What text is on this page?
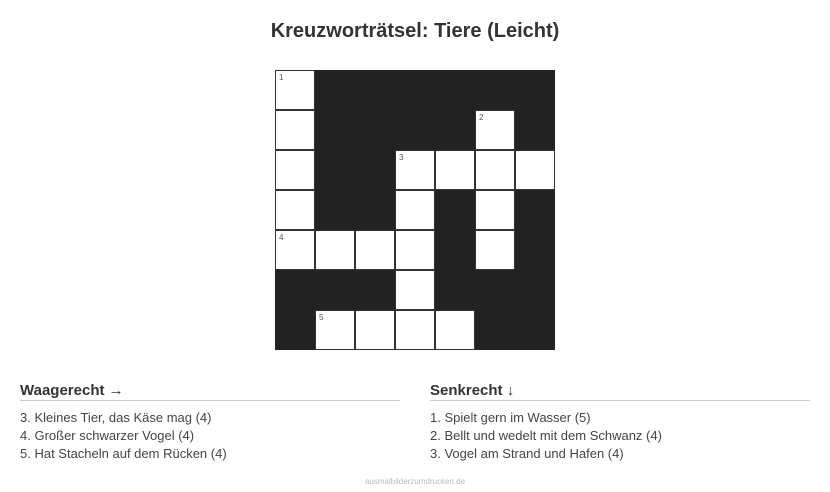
Kreuzworträtsel: Tiere (Leicht)
1
2
3
4
5
Waagerecht →
3. Kleines Tier, das Käse mag (4)
4. Großer schwarzer Vogel (4)
5. Hat Stacheln auf dem Rücken (4)
Senkrecht ↓
1. Spielt gern im Wasser (5)
2. Bellt und wedelt mit dem Schwanz (4)
3. Vogel am Strand und Hafen (4)
ausmalbilderzumdrucken.de
